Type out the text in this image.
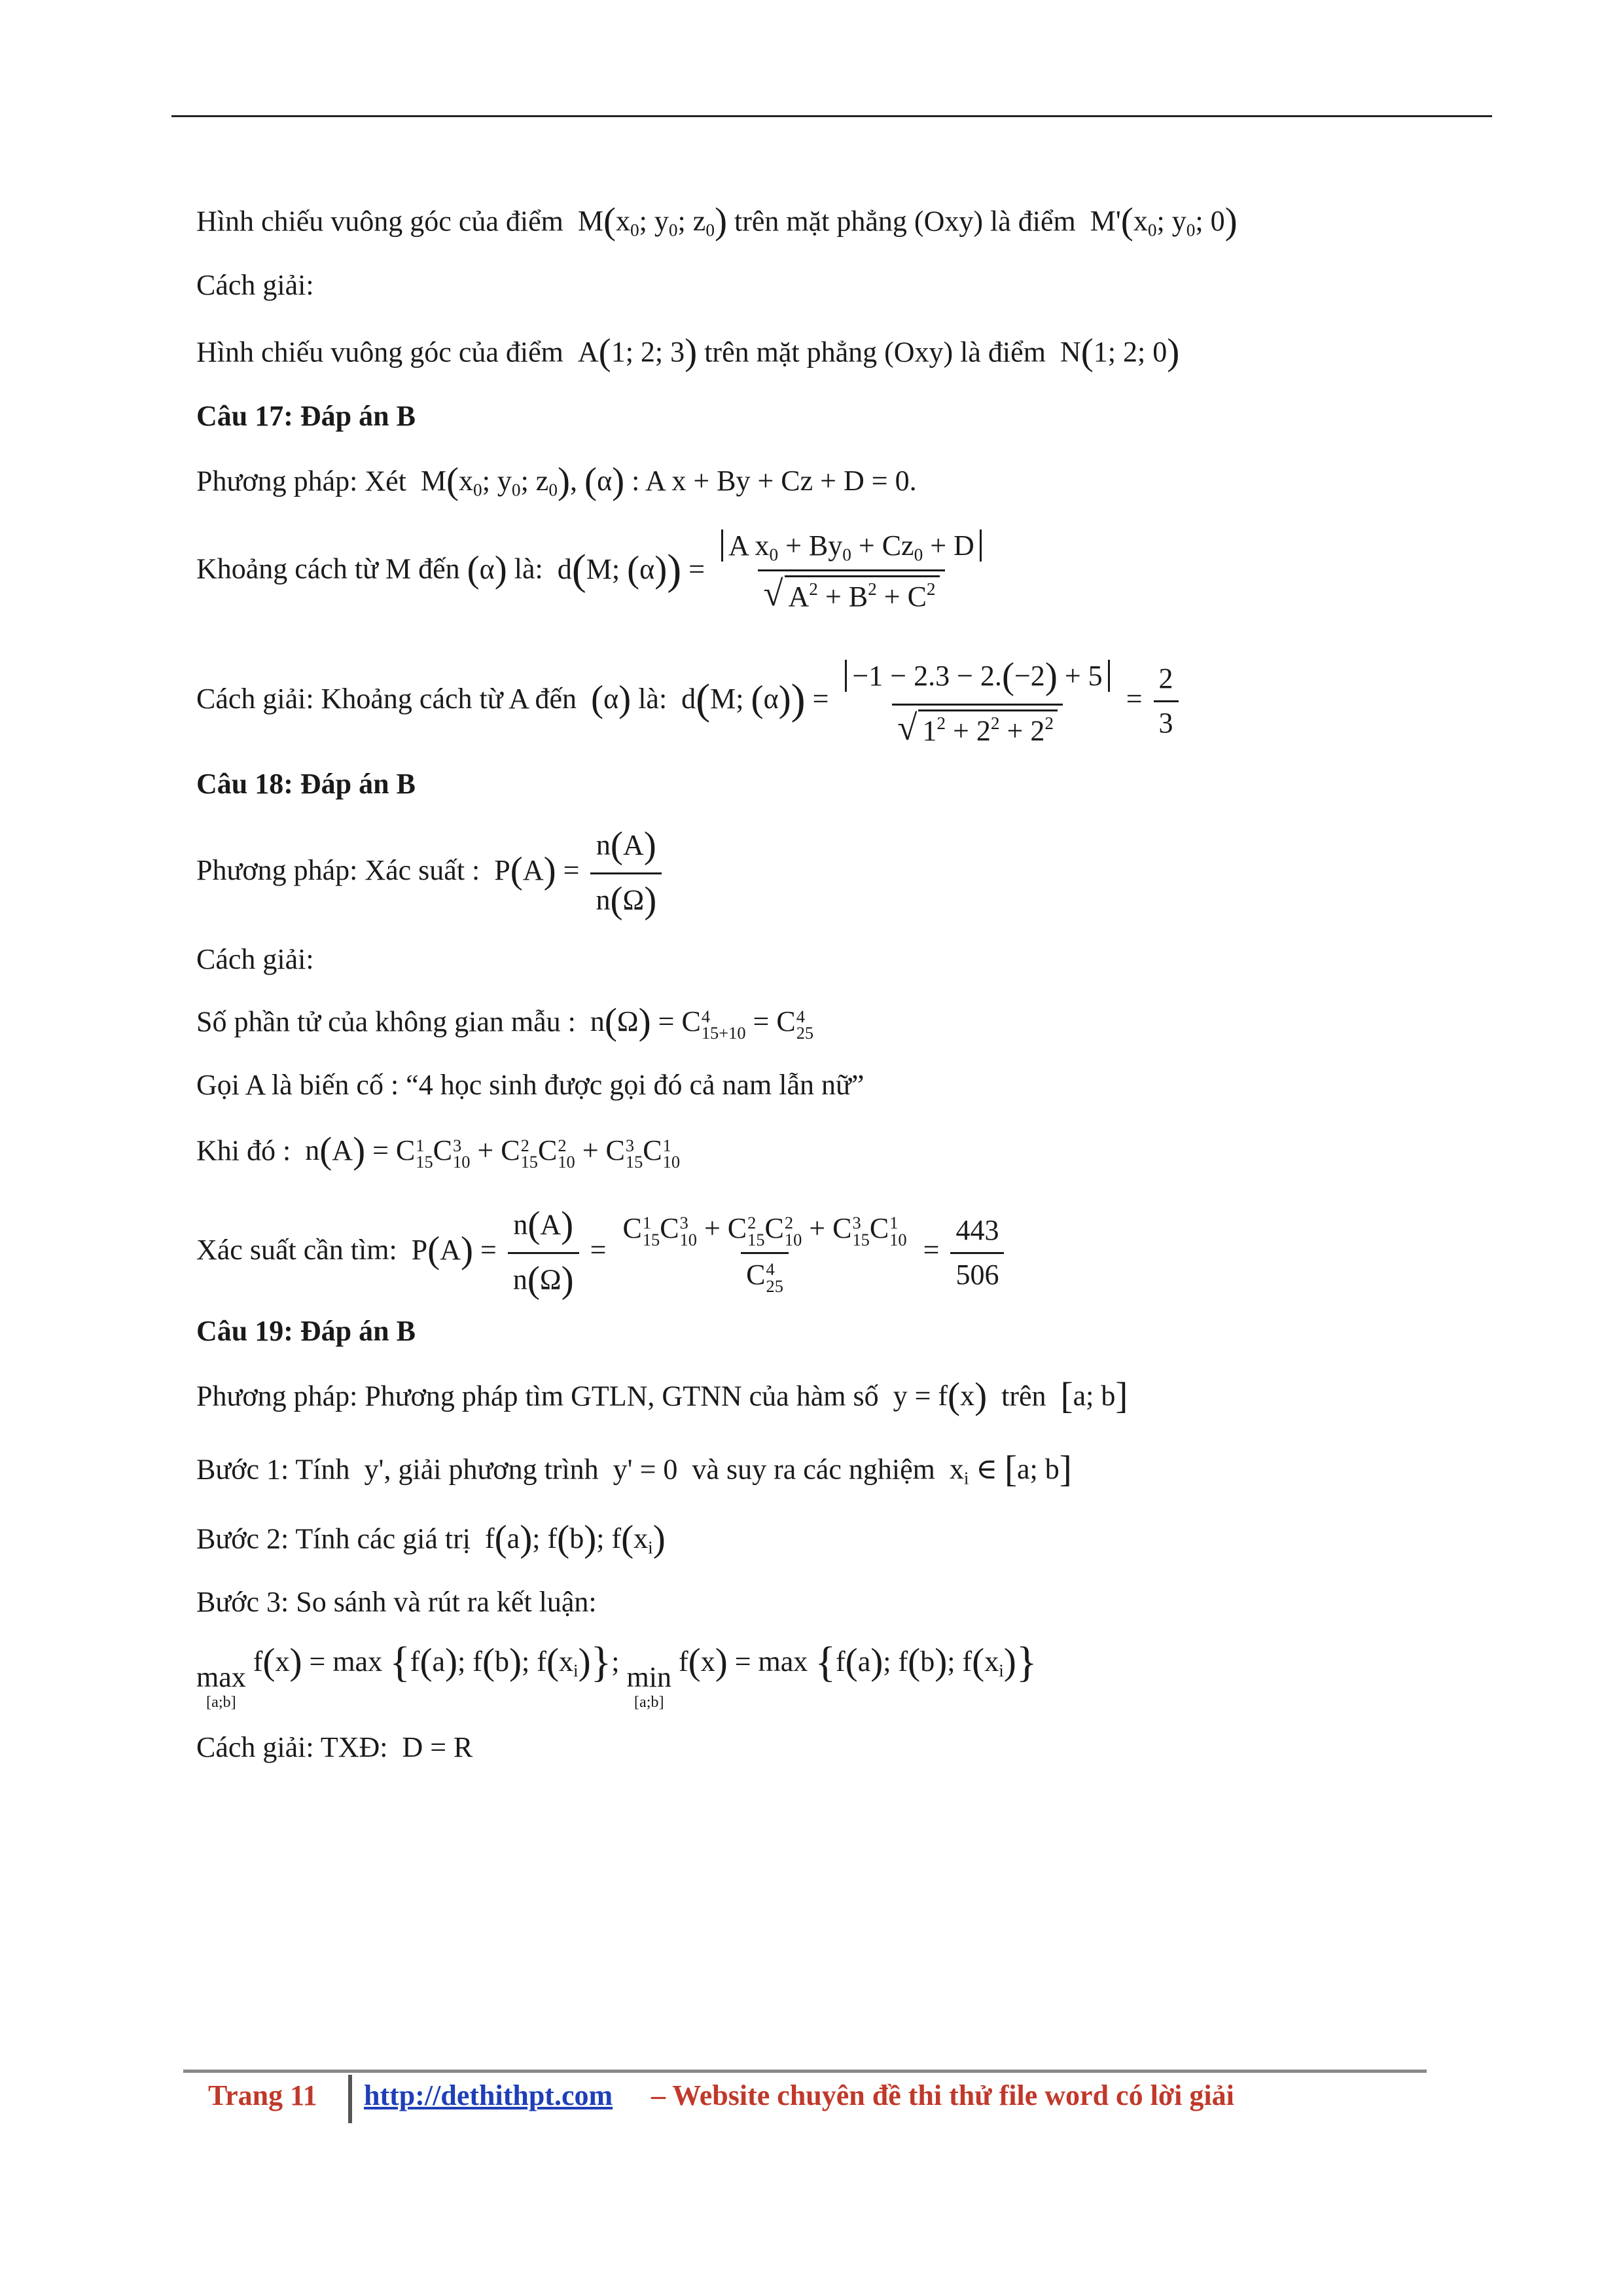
Hình chiếu vuông góc của điểm  $M(x_0$; $y_0$; $z_0$) trên mặt phẳng (Oxy) là điểm  $M'(x_0$; $y_0$; 0)
Cách giải:
Hình chiếu vuông góc của điểm  A(1; 2; 3) trên mặt phẳng (Oxy) là điểm  N(1; 2; 0)
Câu 17: Đáp án B
Phương pháp: Xét  $M(x_0$; $y_0$; $z_0$), (α) : A x + By + Cz + D = 0.
Khoảng cách từ M đến (α) là:  d(M; $(\alpha)) = \frac{A x_0 + By_0 + Cz_0 + D}{√ A^2 + B^2 + C^2}$
Cách giải: Khoảng cách từ A đến (α) là:  d(M; $(\alpha)) = \frac{-1 - 2.3 - 2.(-2) + 5}{√ 1^2 + 2^2 + 2^2} = \frac{2}{3}$
Câu 18: Đáp án B
Phương pháp: Xác suất :  $P(A) = \frac{n(A)}{n(\Omega)}$
Cách giải:
Số phần tử của không gian mẫu :  n(Ω) = C 4
15+10 = C 4
25
Gọi A là biến cố : “4 học sinh được gọi đó cả nam lẫn nữ”
Khi đó :  n(A) = C 1
15 C 3
10 + C 2
15 C 2
10 + C 3
15 C 1
10
Xác suất cần tìm:  $P(A) = \frac{n(A)}{n(\Omega)} = C$ 1
15 C 3
10 + C 2
15 C 2
10 + C 3
15 C 1
10
C 4
$25 = \frac{443}{506}$
Câu 19: Đáp án B
Phương pháp: Phương pháp tìm GTLN, GTNN của hàm số  y = f(x) trên [a; b]
Bước 1: Tính  y', giải phương trình  y' = 0  và suy ra các nghiệm  $x_i$ ∈ [a; b]
Bước 2: Tính các giá trị  f(a); f(b); $f(x_i)$
Bước 3: So sánh và rút ra kết luận:
max
[a;b]
f(x) = max {f(a); f(b); $f(x_i)$}; min
[a;b]
f(x) = max {f(a); f(b); $f(x_i)$}
Cách giải: TXĐ:  D = R
Trang 11 http://dethithpt.com – Website chuyên đề thi thử file word có lời giải
